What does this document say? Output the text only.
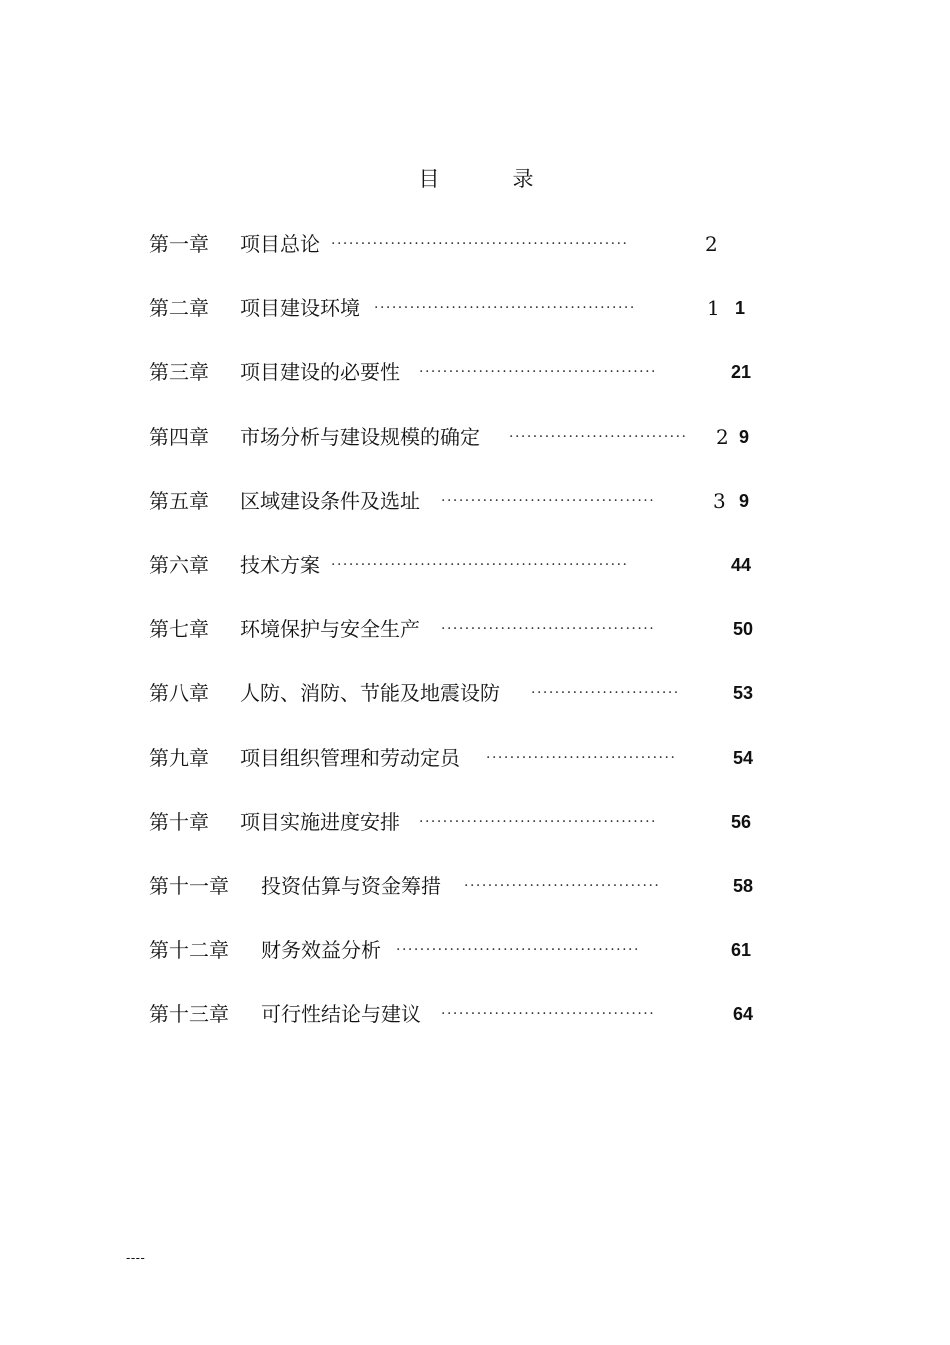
目　录
第一章 项目总论 ··················································	2
第二章 项目建设环境 ············································	1 1
第三章 项目建设的必要性 ········································	21
第四章 市场分析与建设规模的确定 ······························	2 9
第五章 区域建设条件及选址 ····································	3 9
第六章 技术方案 ··················································	44
第七章 环境保护与安全生产 ····································	50
第八章 人防、消防、节能及地震设防 ·························	53
第九章 项目组织管理和劳动定员 ································	54
第十章 项目实施进度安排 ········································	56
第十一章 投资估算与资金筹措 ·································	58
第十二章 财务效益分析 ·········································	61
第十三章 可行性结论与建议 ····································	64
----
